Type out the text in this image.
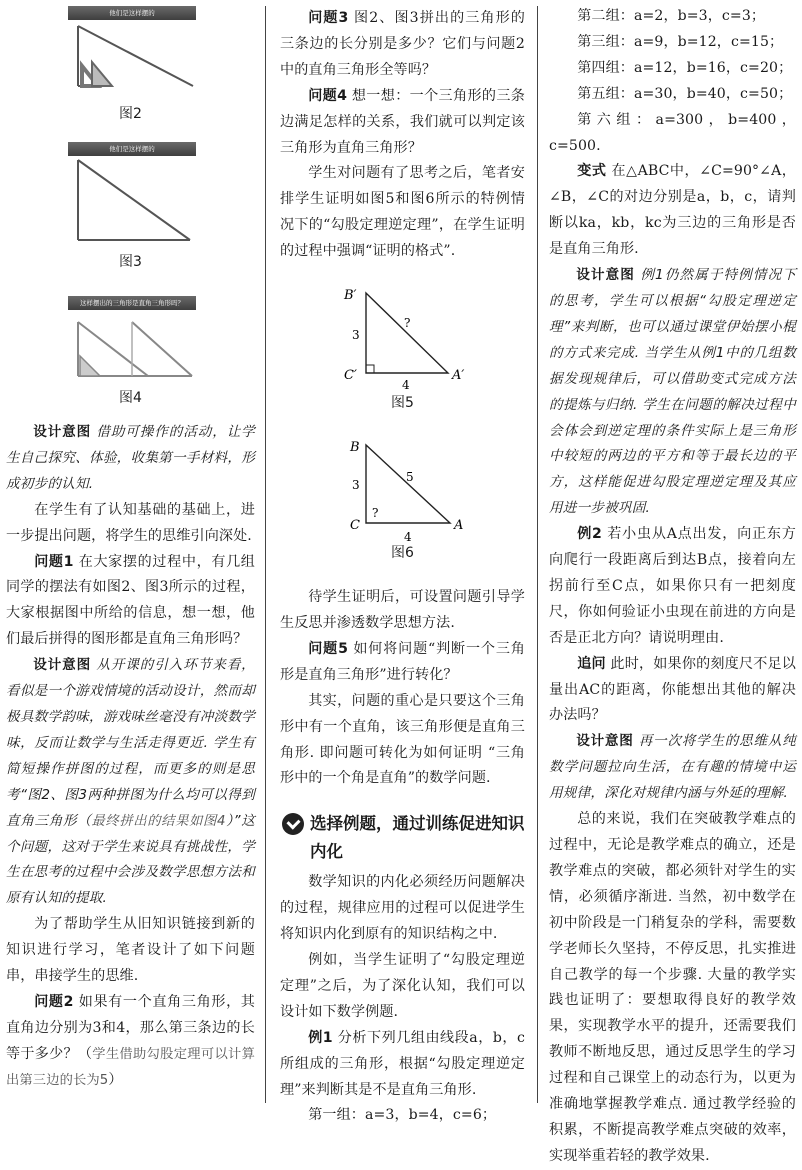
他们是这样摆的
图2
他们是这样摆的
图3
这样摆出的三角形是直角三角形吗？
图4

设计意图 借助可操作的活动，让学生自己探究、体验，收集第一手材料，形成初步的认知.

在学生有了认知基础的基础上，进一步提出问题，将学生的思维引向深处.

问题1 在大家摆的过程中，有几组同学的摆法有如图2、图3所示的过程，大家根据图中所给的信息，想一想，他们最后拼得的图形都是直角三角形吗？

设计意图 从开课的引入环节来看，看似是一个游戏情境的活动设计，然而却极具数学韵味，游戏味丝毫没有冲淡数学味，反而让数学与生活走得更近. 学生有简短操作拼图的过程，而更多的则是思考“图2、图3两种拼图为什么均可以得到直角三角形（最终拼出的结果如图4）”这个问题，这对于学生来说具有挑战性，学生在思考的过程中会涉及数学思想方法和原有认知的提取.

为了帮助学生从旧知识链接到新的知识进行学习，笔者设计了如下问题串，串接学生的思维.

问题2 如果有一个直角三角形，其直角边分别为3和4，那么第三条边的长等于多少？（学生借助勾股定理可以计算出第三边的长为5）

问题3 图2、图3拼出的三角形的三条边的长分别是多少？它们与问题2中的直角三角形全等吗？

问题4 想一想：一个三角形的三条边满足怎样的关系，我们就可以判定该三角形为直角三角形？

学生对问题有了思考之后，笔者安排学生证明如图5和图6所示的特例情况下的“勾股定理逆定理”，在学生证明的过程中强调“证明的格式”.

B′
C′	A′
3
4
?
图5
B
C	A
3
4
5
?
图6

待学生证明后，可设置问题引导学生反思并渗透数学思想方法.

问题5 如何将问题“判断一个三角形是直角三角形”进行转化？

其实，问题的重心是只要这个三角形中有一个直角，该三角形便是直角三角形. 即问题可转化为如何证明 “三角形中的一个角是直角”的数学问题.

选择例题，通过训练促进知识内化

数学知识的内化必须经历问题解决的过程，规律应用的过程可以促进学生将知识内化到原有的知识结构之中.

例如，当学生证明了“勾股定理逆定理”之后，为了深化认知，我们可以设计如下数学例题.

例1 分析下列几组由线段a，b，c所组成的三角形，根据“勾股定理逆定理”来判断其是不是直角三角形.

第一组：a=3，b=4，c=6；

第二组：a=2，b=3，c=3；

第三组：a=9，b=12，c=15；

第四组：a=12，b=16，c=20；

第五组：a=30，b=40，c=50；

第六组：a=300，b=400，c=500.

变式 在△ABC中，∠C=90°∠A，∠B，∠C的对边分别是a，b，c，请判断以ka，kb，kc为三边的三角形是否是直角三角形.

设计意图 例1仍然属于特例情况下的思考，学生可以根据“勾股定理逆定理”来判断，也可以通过课堂伊始摆小棍的方式来完成. 当学生从例1中的几组数据发现规律后，可以借助变式完成方法的提炼与归纳. 学生在问题的解决过程中会体会到逆定理的条件实际上是三角形中较短的两边的平方和等于最长边的平方，这样能促进勾股定理逆定理及其应用进一步被巩固.

例2 若小虫从A点出发，向正东方向爬行一段距离后到达B点，接着向左拐前行至C点，如果你只有一把刻度尺，你如何验证小虫现在前进的方向是否是正北方向？请说明理由.

追问 此时，如果你的刻度尺不足以量出AC的距离，你能想出其他的解决办法吗？

设计意图 再一次将学生的思维从纯数学问题拉向生活，在有趣的情境中运用规律，深化对规律内涵与外延的理解.

总的来说，我们在突破教学难点的过程中，无论是教学难点的确立，还是教学难点的突破，都必须针对学生的实情，必须循序渐进. 当然，初中数学在初中阶段是一门稍复杂的学科，需要数学老师长久坚持，不停反思，扎实推进自己教学的每一个步骤. 大量的教学实践也证明了：要想取得良好的教学效果，实现教学水平的提升，还需要我们教师不断地反思，通过反思学生的学习过程和自己课堂上的动态行为，以更为准确地掌握教学难点. 通过教学经验的积累，不断提高教学难点突破的效率，实现举重若轻的教学效果.
